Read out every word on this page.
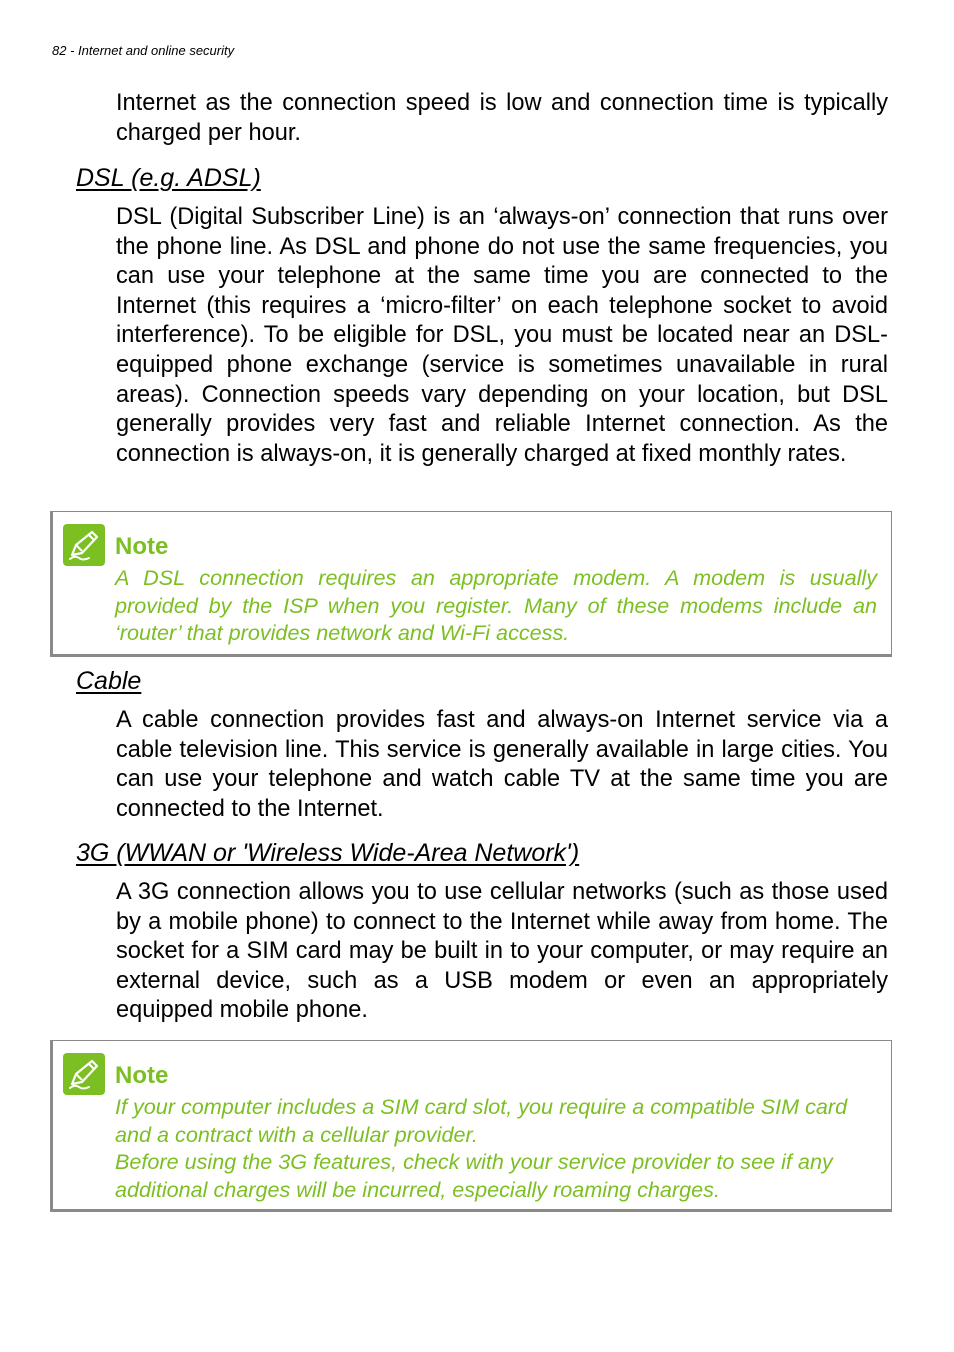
82 - Internet and online security

Internet as the connection speed is low and connection time is typically charged per hour.

DSL (e.g. ADSL)

DSL (Digital Subscriber Line) is an ‘always-on’ connection that runs over the phone line. As DSL and phone do not use the same frequencies, you can use your telephone at the same time you are connected to the Internet (this requires a ‘micro-filter’ on each telephone socket to avoid interference). To be eligible for DSL, you must be located near an DSL-equipped phone exchange (service is sometimes unavailable in rural areas). Connection speeds vary depending on your location, but DSL generally provides very fast and reliable Internet connection. As the connection is always-on, it is generally charged at fixed monthly rates.

Note

A DSL connection requires an appropriate modem. A modem is usually provided by the ISP when you register. Many of these modems include an ‘router’ that provides network and Wi-Fi access.

Cable

A cable connection provides fast and always-on Internet service via a cable television line. This service is generally available in large cities. You can use your telephone and watch cable TV at the same time you are connected to the Internet.

3G (WWAN or 'Wireless Wide-Area Network')

A 3G connection allows you to use cellular networks (such as those used by a mobile phone) to connect to the Internet while away from home. The socket for a SIM card may be built in to your computer, or may require an external device, such as a USB modem or even an appropriately equipped mobile phone.

Note

If your computer includes a SIM card slot, you require a compatible SIM card and a contract with a cellular provider.

Before using the 3G features, check with your service provider to see if any additional charges will be incurred, especially roaming charges.
